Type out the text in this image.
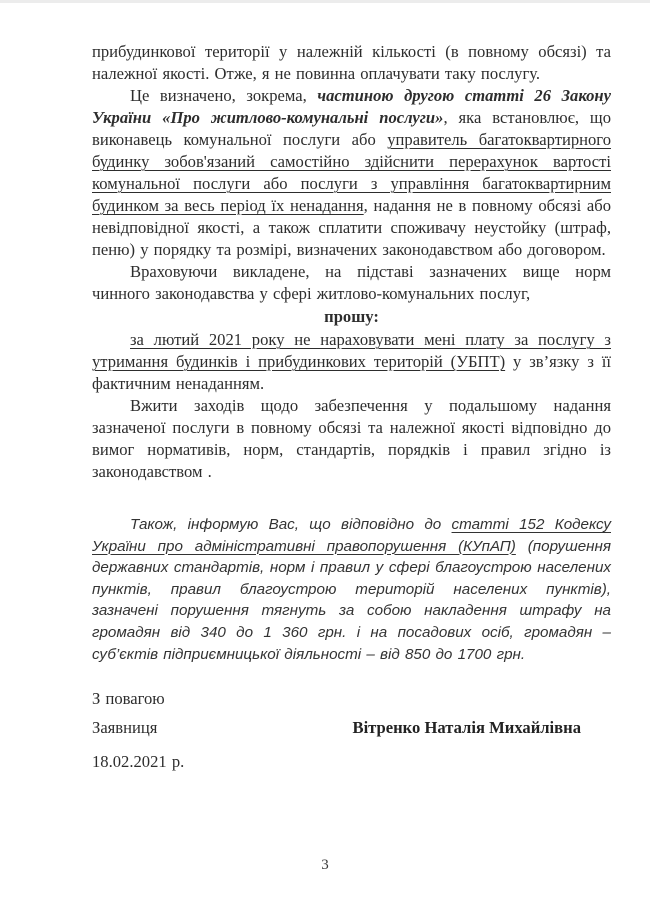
прибудинкової території у належній кількості (в повному обсязі) та належної якості. Отже, я не повинна оплачувати таку послугу.

Це визначено, зокрема, частиною другою статті 26 Закону України «Про житлово-комунальні послуги», яка встановлює, що виконавець комунальної послуги або управитель багатоквартирного будинку зобов'язаний самостійно здійснити перерахунок вартості комунальної послуги або послуги з управління багатоквартирним будинком за весь період їх ненадання, надання не в повному обсязі або невідповідної якості, а також сплатити споживачу неустойку (штраф, пеню) у порядку та розмірі, визначених законодавством або договором.

Враховуючи викладене, на підставі зазначених вище норм чинного законодавства у сфері житлово-комунальних послуг,

прошу:

за лютий 2021 року не нараховувати мені плату за послугу з утримання будинків і прибудинкових територій (УБПТ) у зв’язку з її фактичним ненаданням.

Вжити заходів щодо забезпечення у подальшому надання зазначеної послуги в повному обсязі та належної якості відповідно до вимог нормативів, норм, стандартів, порядків і правил згідно із законодавством .

Також, інформую Вас, що відповідно до статті 152 Кодексу України про адміністративні правопорушення (КУпАП) (порушення державних стандартів, норм і правил у сфері благоустрою населених пунктів, правил благоустрою територій населених пунктів), зазначені порушення тягнуть за собою накладення штрафу на громадян від 340 до 1 360 грн. і на посадових осіб, громадян – суб’єктів підприємницької діяльності – від 850 до 1700 грн.

З повагою

Заявниця	Вітренко Наталія Михайлівна

18.02.2021 р.

3
